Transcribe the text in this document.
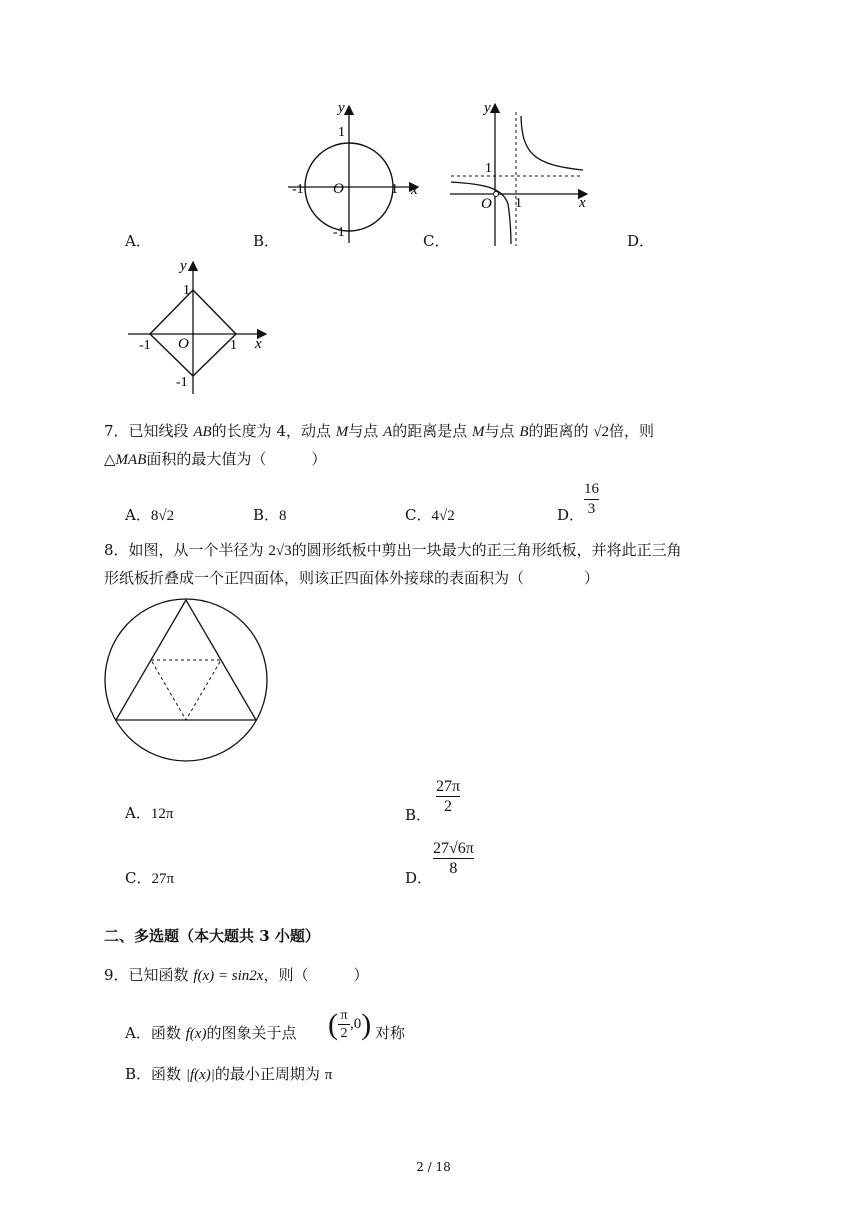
y
x
O
1
-1
-1	1
y
x
O
1
1
A．	B．	C．	D．
y
x
O
1
-1
-1	1
7．已知线段 AB的长度为 4，动点 M与点 A的距离是点 M与点 B的距离的 √2倍，则
△MAB面积的最大值为（　　　）
A．8√2	B．8	C．4√2	D．
16
3
8．如图，从一个半径为 2√3的圆形纸板中剪出一块最大的正三角形纸板，并将此正三角
形纸板折叠成一个正四面体，则该正四面体外接球的表面积为（　　　　）
A．12π	B．
27π
2
C．27π	D．
27√6π
8
二、多选题（本大题共 3 小题）
9．已知函数 f(x) = sin2x，则（　　　）
A．函数 f(x)的图象关于点 ( π
2
,0 ) 对称
B．函数 |f(x)|的最小正周期为 π
2 / 18
